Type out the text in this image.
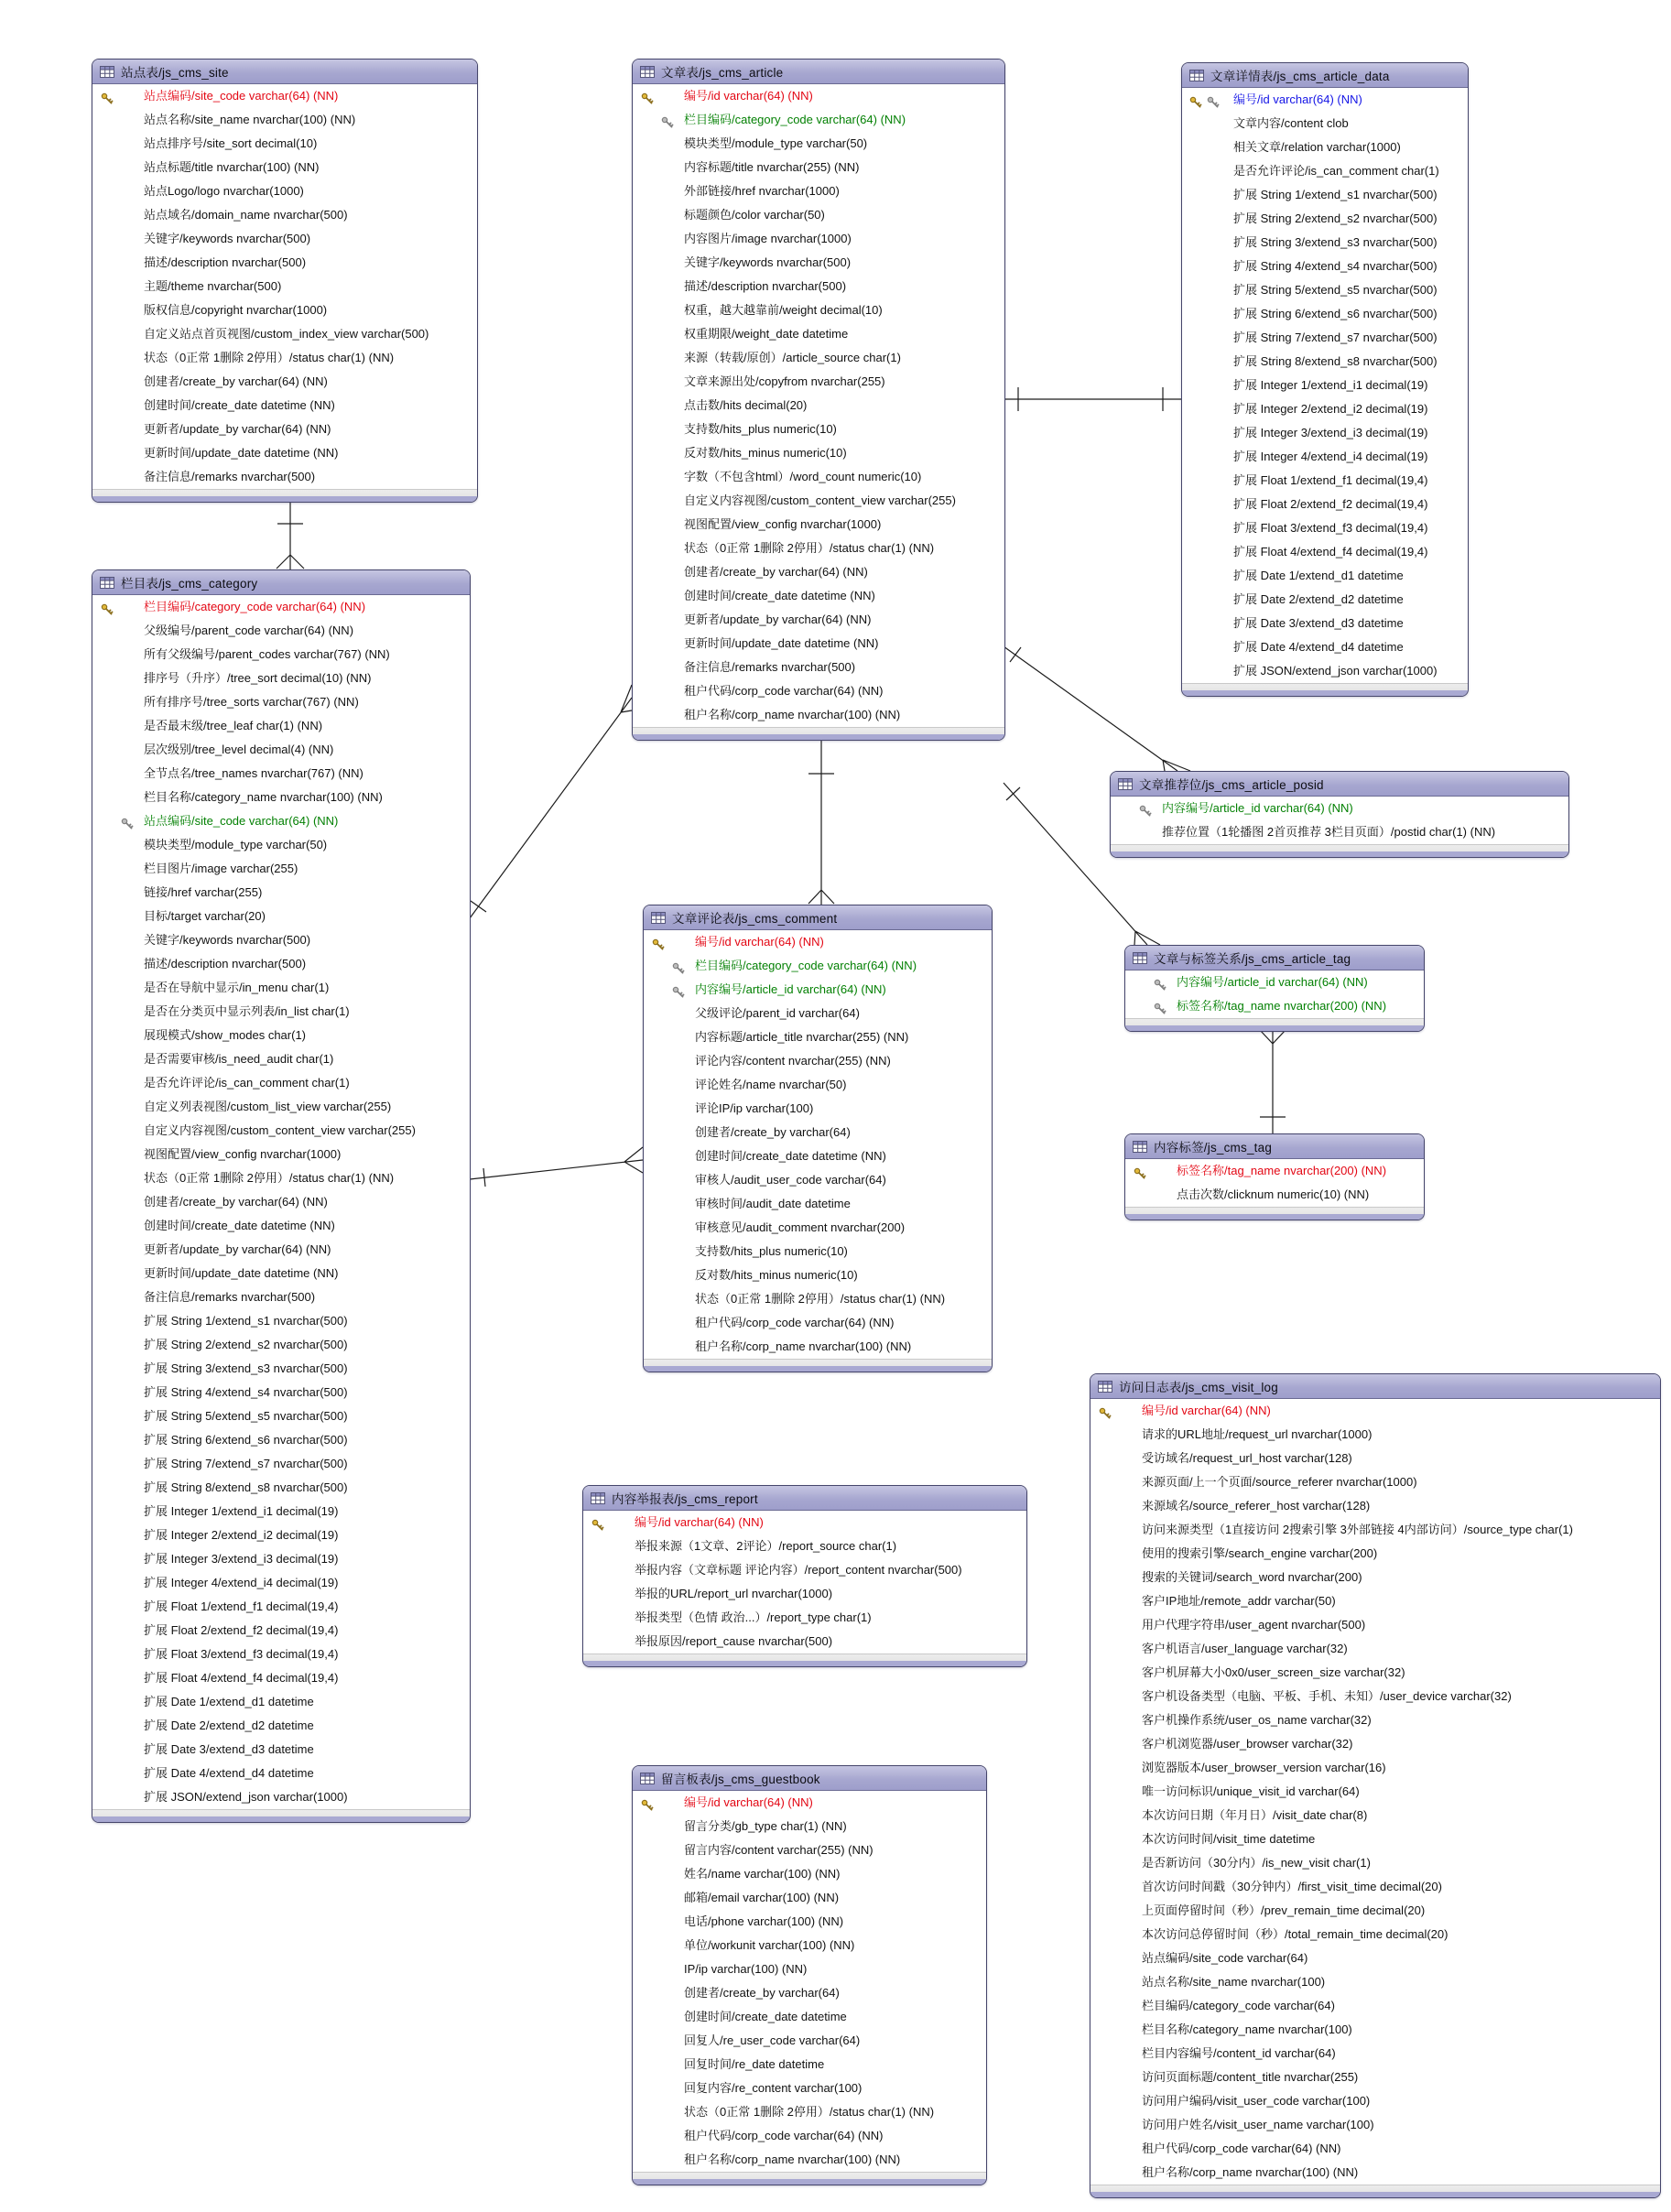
站点表/js_cms_site
站点编码/site_code varchar(64) (NN)
站点名称/site_name nvarchar(100) (NN)
站点排序号/site_sort decimal(10)
站点标题/title nvarchar(100) (NN)
站点Logo/logo nvarchar(1000)
站点域名/domain_name nvarchar(500)
关键字/keywords nvarchar(500)
描述/description nvarchar(500)
主题/theme nvarchar(500)
版权信息/copyright nvarchar(1000)
自定义站点首页视图/custom_index_view varchar(500)
状态（0正常 1删除 2停用）/status char(1) (NN)
创建者/create_by varchar(64) (NN)
创建时间/create_date datetime (NN)
更新者/update_by varchar(64) (NN)
更新时间/update_date datetime (NN)
备注信息/remarks nvarchar(500)
栏目表/js_cms_category
栏目编码/category_code varchar(64) (NN)
父级编号/parent_code varchar(64) (NN)
所有父级编号/parent_codes varchar(767) (NN)
排序号（升序）/tree_sort decimal(10) (NN)
所有排序号/tree_sorts varchar(767) (NN)
是否最末级/tree_leaf char(1) (NN)
层次级别/tree_level decimal(4) (NN)
全节点名/tree_names nvarchar(767) (NN)
栏目名称/category_name nvarchar(100) (NN)
站点编码/site_code varchar(64) (NN)
模块类型/module_type varchar(50)
栏目图片/image varchar(255)
链接/href varchar(255)
目标/target varchar(20)
关键字/keywords nvarchar(500)
描述/description nvarchar(500)
是否在导航中显示/in_menu char(1)
是否在分类页中显示列表/in_list char(1)
展现模式/show_modes char(1)
是否需要审核/is_need_audit char(1)
是否允许评论/is_can_comment char(1)
自定义列表视图/custom_list_view varchar(255)
自定义内容视图/custom_content_view varchar(255)
视图配置/view_config nvarchar(1000)
状态（0正常 1删除 2停用）/status char(1) (NN)
创建者/create_by varchar(64) (NN)
创建时间/create_date datetime (NN)
更新者/update_by varchar(64) (NN)
更新时间/update_date datetime (NN)
备注信息/remarks nvarchar(500)
扩展 String 1/extend_s1 nvarchar(500)
扩展 String 2/extend_s2 nvarchar(500)
扩展 String 3/extend_s3 nvarchar(500)
扩展 String 4/extend_s4 nvarchar(500)
扩展 String 5/extend_s5 nvarchar(500)
扩展 String 6/extend_s6 nvarchar(500)
扩展 String 7/extend_s7 nvarchar(500)
扩展 String 8/extend_s8 nvarchar(500)
扩展 Integer 1/extend_i1 decimal(19)
扩展 Integer 2/extend_i2 decimal(19)
扩展 Integer 3/extend_i3 decimal(19)
扩展 Integer 4/extend_i4 decimal(19)
扩展 Float 1/extend_f1 decimal(19,4)
扩展 Float 2/extend_f2 decimal(19,4)
扩展 Float 3/extend_f3 decimal(19,4)
扩展 Float 4/extend_f4 decimal(19,4)
扩展 Date 1/extend_d1 datetime
扩展 Date 2/extend_d2 datetime
扩展 Date 3/extend_d3 datetime
扩展 Date 4/extend_d4 datetime
扩展 JSON/extend_json varchar(1000)
文章表/js_cms_article
编号/id varchar(64) (NN)
栏目编码/category_code varchar(64) (NN)
模块类型/module_type varchar(50)
内容标题/title nvarchar(255) (NN)
外部链接/href nvarchar(1000)
标题颜色/color varchar(50)
内容图片/image nvarchar(1000)
关键字/keywords nvarchar(500)
描述/description nvarchar(500)
权重，越大越靠前/weight decimal(10)
权重期限/weight_date datetime
来源（转载/原创）/article_source char(1)
文章来源出处/copyfrom nvarchar(255)
点击数/hits decimal(20)
支持数/hits_plus numeric(10)
反对数/hits_minus numeric(10)
字数（不包含html）/word_count numeric(10)
自定义内容视图/custom_content_view varchar(255)
视图配置/view_config nvarchar(1000)
状态（0正常 1删除 2停用）/status char(1) (NN)
创建者/create_by varchar(64) (NN)
创建时间/create_date datetime (NN)
更新者/update_by varchar(64) (NN)
更新时间/update_date datetime (NN)
备注信息/remarks nvarchar(500)
租户代码/corp_code varchar(64) (NN)
租户名称/corp_name nvarchar(100) (NN)
文章详情表/js_cms_article_data
编号/id varchar(64) (NN)
文章内容/content clob
相关文章/relation varchar(1000)
是否允许评论/is_can_comment char(1)
扩展 String 1/extend_s1 nvarchar(500)
扩展 String 2/extend_s2 nvarchar(500)
扩展 String 3/extend_s3 nvarchar(500)
扩展 String 4/extend_s4 nvarchar(500)
扩展 String 5/extend_s5 nvarchar(500)
扩展 String 6/extend_s6 nvarchar(500)
扩展 String 7/extend_s7 nvarchar(500)
扩展 String 8/extend_s8 nvarchar(500)
扩展 Integer 1/extend_i1 decimal(19)
扩展 Integer 2/extend_i2 decimal(19)
扩展 Integer 3/extend_i3 decimal(19)
扩展 Integer 4/extend_i4 decimal(19)
扩展 Float 1/extend_f1 decimal(19,4)
扩展 Float 2/extend_f2 decimal(19,4)
扩展 Float 3/extend_f3 decimal(19,4)
扩展 Float 4/extend_f4 decimal(19,4)
扩展 Date 1/extend_d1 datetime
扩展 Date 2/extend_d2 datetime
扩展 Date 3/extend_d3 datetime
扩展 Date 4/extend_d4 datetime
扩展 JSON/extend_json varchar(1000)
文章推荐位/js_cms_article_posid
内容编号/article_id varchar(64) (NN)
推荐位置（1轮播图 2首页推荐 3栏目页面）/postid char(1) (NN)
文章与标签关系/js_cms_article_tag
内容编号/article_id varchar(64) (NN)
标签名称/tag_name nvarchar(200) (NN)
内容标签/js_cms_tag
标签名称/tag_name nvarchar(200) (NN)
点击次数/clicknum numeric(10) (NN)
文章评论表/js_cms_comment
编号/id varchar(64) (NN)
栏目编码/category_code varchar(64) (NN)
内容编号/article_id varchar(64) (NN)
父级评论/parent_id varchar(64)
内容标题/article_title nvarchar(255) (NN)
评论内容/content nvarchar(255) (NN)
评论姓名/name nvarchar(50)
评论IP/ip varchar(100)
创建者/create_by varchar(64)
创建时间/create_date datetime (NN)
审核人/audit_user_code varchar(64)
审核时间/audit_date datetime
审核意见/audit_comment nvarchar(200)
支持数/hits_plus numeric(10)
反对数/hits_minus numeric(10)
状态（0正常 1删除 2停用）/status char(1) (NN)
租户代码/corp_code varchar(64) (NN)
租户名称/corp_name nvarchar(100) (NN)
内容举报表/js_cms_report
编号/id varchar(64) (NN)
举报来源（1文章、2评论）/report_source char(1)
举报内容（文章标题 评论内容）/report_content nvarchar(500)
举报的URL/report_url nvarchar(1000)
举报类型（色情 政治...）/report_type char(1)
举报原因/report_cause nvarchar(500)
留言板表/js_cms_guestbook
编号/id varchar(64) (NN)
留言分类/gb_type char(1) (NN)
留言内容/content varchar(255) (NN)
姓名/name varchar(100) (NN)
邮箱/email varchar(100) (NN)
电话/phone varchar(100) (NN)
单位/workunit varchar(100) (NN)
IP/ip varchar(100) (NN)
创建者/create_by varchar(64)
创建时间/create_date datetime
回复人/re_user_code varchar(64)
回复时间/re_date datetime
回复内容/re_content varchar(100)
状态（0正常 1删除 2停用）/status char(1) (NN)
租户代码/corp_code varchar(64) (NN)
租户名称/corp_name nvarchar(100) (NN)
访问日志表/js_cms_visit_log
编号/id varchar(64) (NN)
请求的URL地址/request_url nvarchar(1000)
受访域名/request_url_host varchar(128)
来源页面/上一个页面/source_referer nvarchar(1000)
来源域名/source_referer_host varchar(128)
访问来源类型（1直接访问 2搜索引擎 3外部链接 4内部访问）/source_type char(1)
使用的搜索引擎/search_engine varchar(200)
搜索的关键词/search_word nvarchar(200)
客户IP地址/remote_addr varchar(50)
用户代理字符串/user_agent nvarchar(500)
客户机语言/user_language varchar(32)
客户机屏幕大小0x0/user_screen_size varchar(32)
客户机设备类型（电脑、平板、手机、未知）/user_device varchar(32)
客户机操作系统/user_os_name varchar(32)
客户机浏览器/user_browser varchar(32)
浏览器版本/user_browser_version varchar(16)
唯一访问标识/unique_visit_id varchar(64)
本次访问日期（年月日）/visit_date char(8)
本次访问时间/visit_time datetime
是否新访问（30分内）/is_new_visit char(1)
首次访问时间戳（30分钟内）/first_visit_time decimal(20)
上页面停留时间（秒）/prev_remain_time decimal(20)
本次访问总停留时间（秒）/total_remain_time decimal(20)
站点编码/site_code varchar(64)
站点名称/site_name nvarchar(100)
栏目编码/category_code varchar(64)
栏目名称/category_name nvarchar(100)
栏目内容编号/content_id varchar(64)
访问页面标题/content_title nvarchar(255)
访问用户编码/visit_user_code varchar(100)
访问用户姓名/visit_user_name varchar(100)
租户代码/corp_code varchar(64) (NN)
租户名称/corp_name nvarchar(100) (NN)
